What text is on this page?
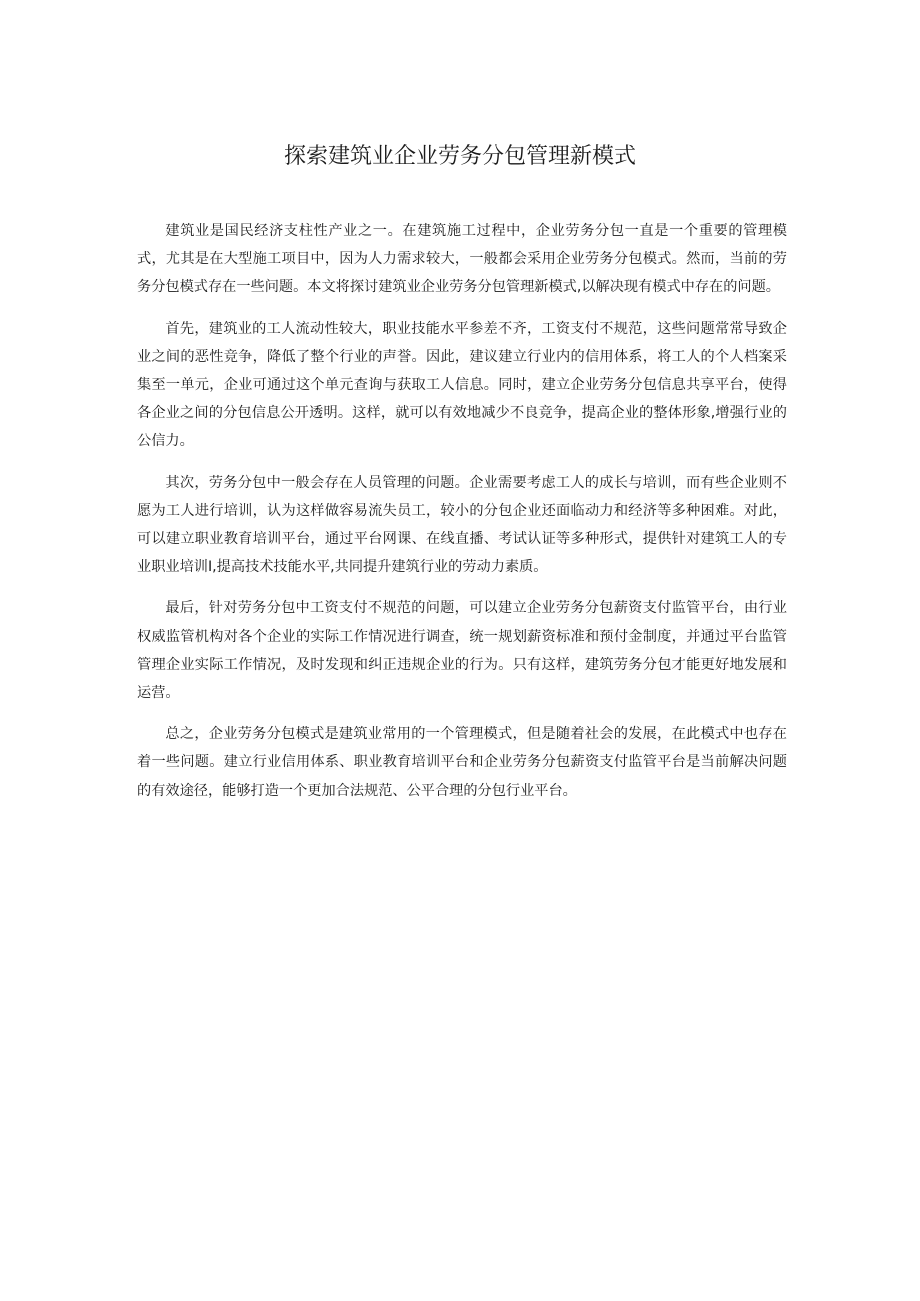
探索建筑业企业劳务分包管理新模式

建筑业是国民经济支柱性产业之一。在建筑施工过程中，企业劳务分包一直是一个重要的管理模式，尤其是在大型施工项目中，因为人力需求较大，一般都会采用企业劳务分包模式。然而，当前的劳务分包模式存在一些问题。本文将探讨建筑业企业劳务分包管理新模式,以解决现有模式中存在的问题。

首先，建筑业的工人流动性较大，职业技能水平参差不齐，工资支付不规范，这些问题常常导致企业之间的恶性竞争，降低了整个行业的声誉。因此，建议建立行业内的信用体系，将工人的个人档案采集至一单元，企业可通过这个单元查询与获取工人信息。同时，建立企业劳务分包信息共享平台，使得各企业之间的分包信息公开透明。这样，就可以有效地减少不良竞争，提高企业的整体形象,增强行业的公信力。

其次，劳务分包中一般会存在人员管理的问题。企业需要考虑工人的成长与培训，而有些企业则不愿为工人进行培训，认为这样做容易流失员工，较小的分包企业还面临动力和经济等多种困难。对此，可以建立职业教育培训平台，通过平台网课、在线直播、考试认证等多种形式，提供针对建筑工人的专业职业培训Ⅰ,提高技术技能水平,共同提升建筑行业的劳动力素质。

最后，针对劳务分包中工资支付不规范的问题，可以建立企业劳务分包薪资支付监管平台，由行业权威监管机构对各个企业的实际工作情况进行调查，统一规划薪资标准和预付金制度，并通过平台监管管理企业实际工作情况，及时发现和纠正违规企业的行为。只有这样，建筑劳务分包才能更好地发展和运营。

总之，企业劳务分包模式是建筑业常用的一个管理模式，但是随着社会的发展，在此模式中也存在着一些问题。建立行业信用体系、职业教育培训平台和企业劳务分包薪资支付监管平台是当前解决问题的有效途径，能够打造一个更加合法规范、公平合理的分包行业平台。
